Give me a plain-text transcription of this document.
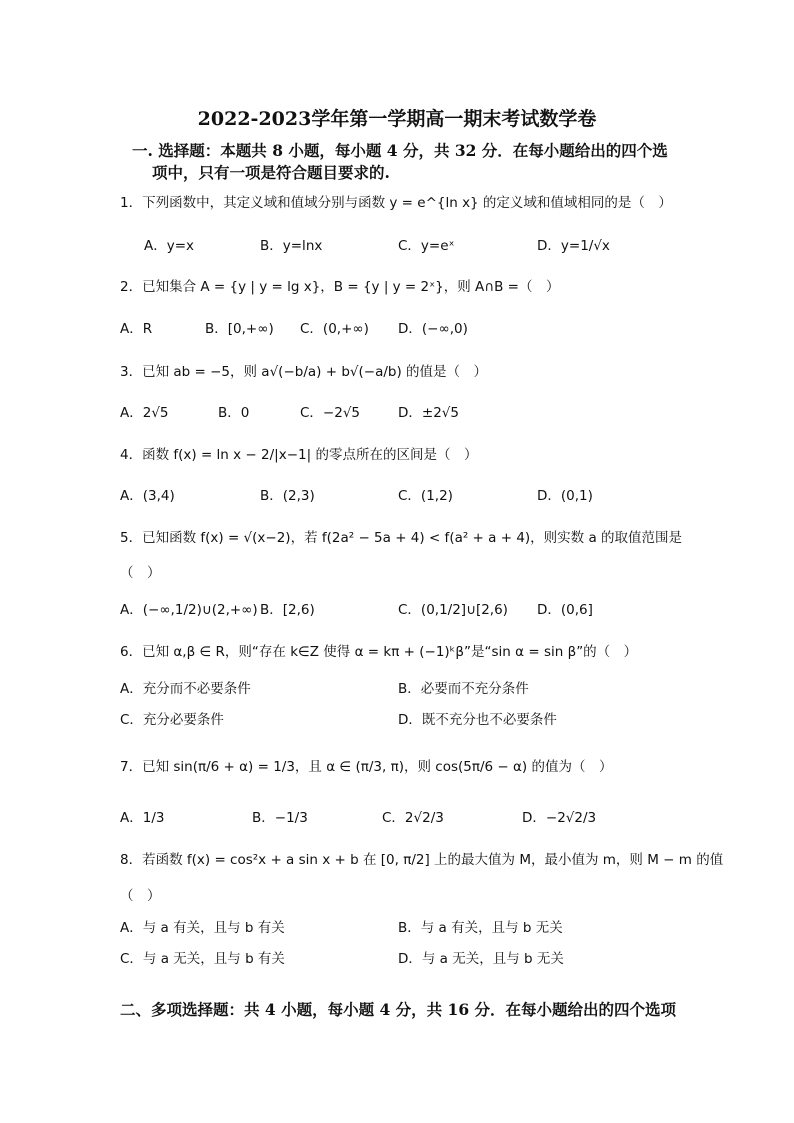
2022-2023学年第一学期高一期末考试数学卷
一. 选择题：本题共 8 小题，每小题 4 分，共 32 分．在每小题给出的四个选
项中，只有一项是符合题目要求的.
1．下列函数中，其定义域和值域分别与函数 y = e^{ln x} 的定义域和值域相同的是（　）
A．y=x	B．y=lnx	C．y=eˣ	D．y=1/√x
2．已知集合 A = {y | y = lg x}，B = {y | y = 2ˣ}，则 A∩B =（　）
A．R	B．[0,+∞) C．(0,+∞) D．(−∞,0)
3．已知 ab = −5，则 a√(−b/a) + b√(−a/b) 的值是（　）
A．2√5	B．0	C．−2√5	D．±2√5
4．函数 f(x) = ln x − 2/|x−1| 的零点所在的区间是（　）
A．(3,4)	B．(2,3)	C．(1,2)	D．(0,1)
5．已知函数 f(x) = √(x−2)，若 f(2a² − 5a + 4) < f(a² + a + 4)，则实数 a 的取值范围是
（　）
A．(−∞,1/2)∪(2,+∞) B．[2,6)	C．(0,1/2]∪[2,6) D．(0,6]
6．已知 α,β ∈ R，则“存在 k∈Z 使得 α = kπ + (−1)ᵏβ”是“sin α = sin β”的（　）
A．充分而不必要条件	B．必要而不充分条件
C．充分必要条件	D．既不充分也不必要条件
7．已知 sin(π/6 + α) = 1/3，且 α ∈ (π/3, π)，则 cos(5π/6 − α) 的值为（　）
A．1/3	B．−1/3	C．2√2/3	D．−2√2/3
8．若函数 f(x) = cos²x + a sin x + b 在 [0, π/2] 上的最大值为 M，最小值为 m，则 M − m 的值
（　）
A．与 a 有关，且与 b 有关	B．与 a 有关，且与 b 无关
C．与 a 无关，且与 b 有关	D．与 a 无关，且与 b 无关
二、多项选择题：共 4 小题，每小题 4 分，共 16 分．在每小题给出的四个选项
